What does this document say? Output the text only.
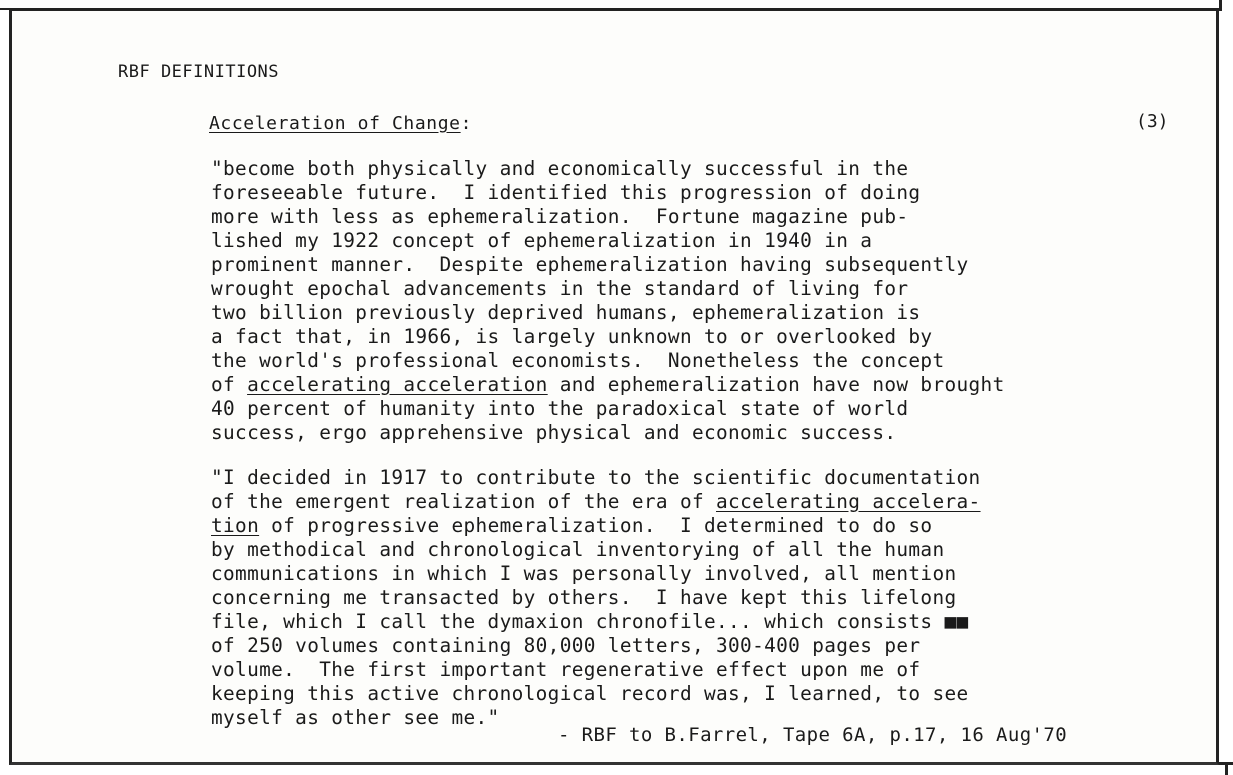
RBF DEFINITIONS
Acceleration of Change:	(3)
"become both physically and economically successful in the
foreseeable future.  I identified this progression of doing
more with less as ephemeralization.  Fortune magazine pub-
lished my 1922 concept of ephemeralization in 1940 in a
prominent manner.  Despite ephemeralization having subsequently
wrought epochal advancements in the standard of living for
two billion previously deprived humans, ephemeralization is
a fact that, in 1966, is largely unknown to or overlooked by
the world's professional economists.  Nonetheless the concept
of accelerating acceleration and ephemeralization have now brought
40 percent of humanity into the paradoxical state of world
success, ergo apprehensive physical and economic success.
"I decided in 1917 to contribute to the scientific documentation
of the emergent realization of the era of accelerating accelera-
tion of progressive ephemeralization.  I determined to do so
by methodical and chronological inventorying of all the human
communications in which I was personally involved, all mention
concerning me transacted by others.  I have kept this lifelong
file, which I call the dymaxion chronofile... which consists ■■
of 250 volumes containing 80,000 letters, 300-400 pages per
volume.  The first important regenerative effect upon me of
keeping this active chronological record was, I learned, to see
myself as other see me."
- RBF to B.Farrel, Tape 6A, p.17, 16 Aug'70
